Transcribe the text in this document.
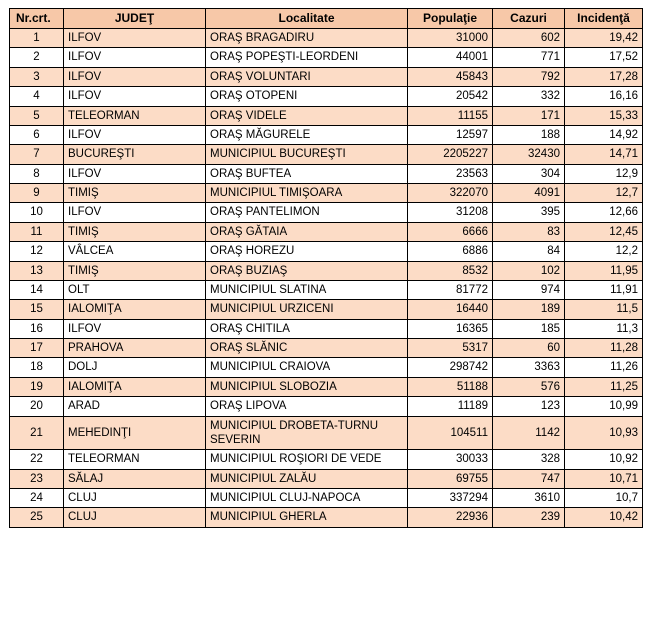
Nr.crt.	JUDEŢ	Localitate	Populaţie	Cazuri	Incidenţă
1	ILFOV	ORAŞ BRAGADIRU	31000	602	19,42
2	ILFOV	ORAŞ POPEŞTI-LEORDENI	44001	771	17,52
3	ILFOV	ORAŞ VOLUNTARI	45843	792	17,28
4	ILFOV	ORAŞ OTOPENI	20542	332	16,16
5	TELEORMAN	ORAŞ VIDELE	11155	171	15,33
6	ILFOV	ORAŞ MĂGURELE	12597	188	14,92
7	BUCUREŞTI	MUNICIPIUL BUCUREŞTI	2205227	32430	14,71
8	ILFOV	ORAŞ BUFTEA	23563	304	12,9
9	TIMIŞ	MUNICIPIUL TIMIŞOARA	322070	4091	12,7
10	ILFOV	ORAŞ PANTELIMON	31208	395	12,66
11	TIMIŞ	ORAŞ GĂTAIA	6666	83	12,45
12	VÂLCEA	ORAŞ HOREZU	6886	84	12,2
13	TIMIŞ	ORAŞ BUZIAŞ	8532	102	11,95
14	OLT	MUNICIPIUL SLATINA	81772	974	11,91
15	IALOMIŢA	MUNICIPIUL URZICENI	16440	189	11,5
16	ILFOV	ORAŞ CHITILA	16365	185	11,3
17	PRAHOVA	ORAŞ SLĂNIC	5317	60	11,28
18	DOLJ	MUNICIPIUL CRAIOVA	298742	3363	11,26
19	IALOMIŢA	MUNICIPIUL SLOBOZIA	51188	576	11,25
20	ARAD	ORAŞ LIPOVA	11189	123	10,99
21	MEHEDINŢI	MUNICIPIUL DROBETA-TURNU SEVERIN	104511	1142	10,93
22	TELEORMAN	MUNICIPIUL ROŞIORI DE VEDE	30033	328	10,92
23	SĂLAJ	MUNICIPIUL ZALĂU	69755	747	10,71
24	CLUJ	MUNICIPIUL CLUJ-NAPOCA	337294	3610	10,7
25	CLUJ	MUNICIPIUL GHERLA	22936	239	10,42
